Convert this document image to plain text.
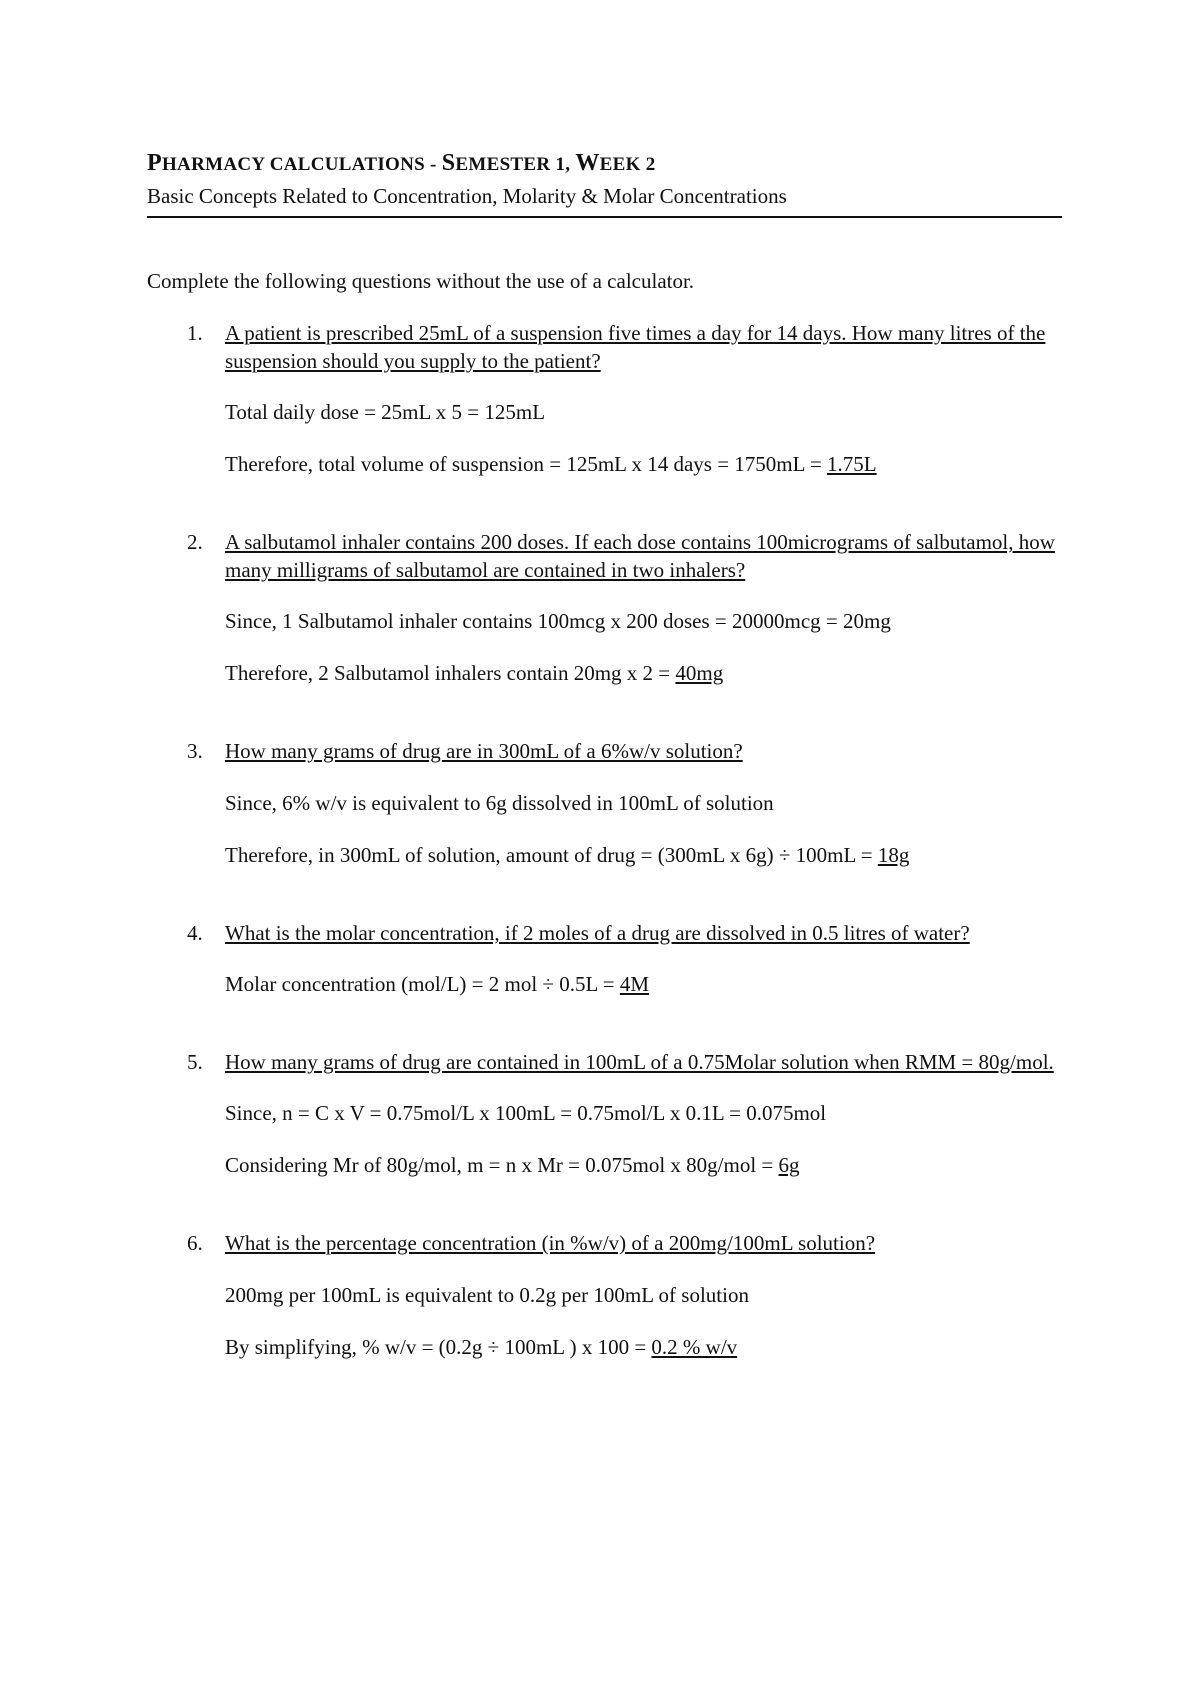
PHARMACY CALCULATIONS - SEMESTER 1, WEEK 2

Basic Concepts Related to Concentration, Molarity & Molar Concentrations

Complete the following questions without the use of a calculator.

1. A patient is prescribed 25mL of a suspension five times a day for 14 days. How many litres of the suspension should you supply to the patient?

Total daily dose = 25mL x 5 = 125mL

Therefore, total volume of suspension = 125mL x 14 days = 1750mL = 1.75L

2. A salbutamol inhaler contains 200 doses. If each dose contains 100micrograms of salbutamol, how many milligrams of salbutamol are contained in two inhalers?

Since, 1 Salbutamol inhaler contains 100mcg x 200 doses = 20000mcg = 20mg

Therefore, 2 Salbutamol inhalers contain 20mg x 2 = 40mg

3. How many grams of drug are in 300mL of a 6%w/v solution?

Since, 6% w/v is equivalent to 6g dissolved in 100mL of solution

Therefore, in 300mL of solution, amount of drug = (300mL x 6g) ÷ 100mL = 18g

4. What is the molar concentration, if 2 moles of a drug are dissolved in 0.5 litres of water?

Molar concentration (mol/L) = 2 mol ÷ 0.5L = 4M

5. How many grams of drug are contained in 100mL of a 0.75Molar solution when RMM = 80g/mol.

Since, n = C x V = 0.75mol/L x 100mL = 0.75mol/L x 0.1L = 0.075mol

Considering Mr of 80g/mol, m = n x Mr = 0.075mol x 80g/mol = 6g

6. What is the percentage concentration (in %w/v) of a 200mg/100mL solution?

200mg per 100mL is equivalent to 0.2g per 100mL of solution

By simplifying, % w/v = (0.2g ÷ 100mL ) x 100 = 0.2 % w/v
